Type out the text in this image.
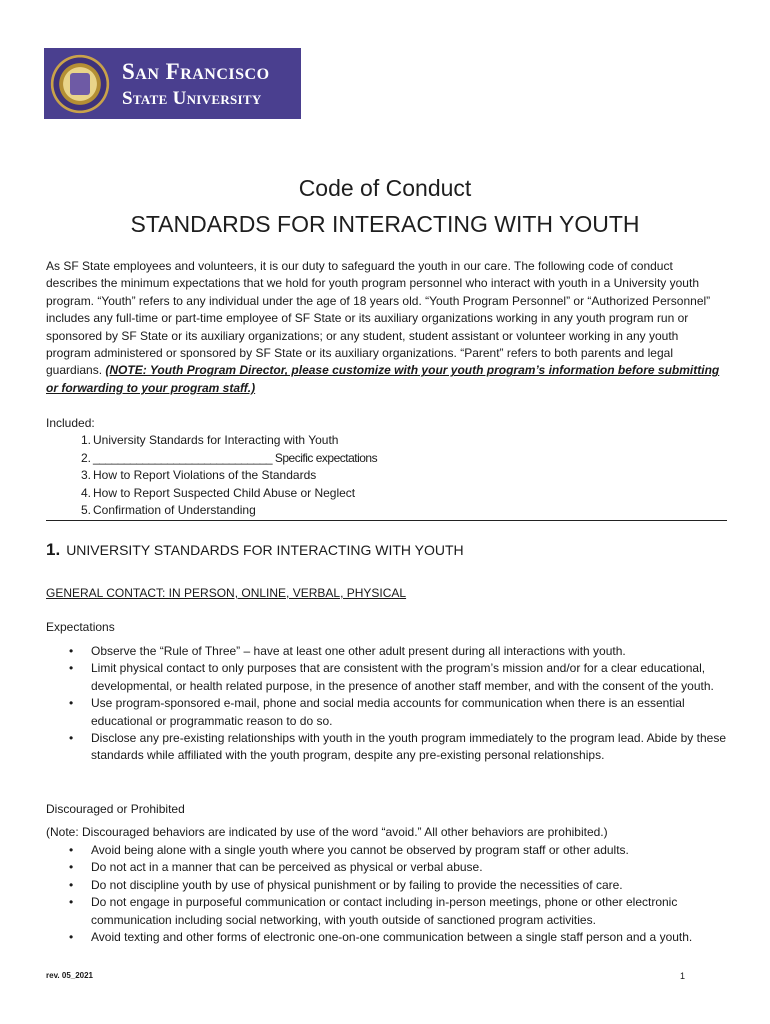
San Francisco
State University
Code of Conduct
STANDARDS FOR INTERACTING WITH YOUTH

As SF State employees and volunteers, it is our duty to safeguard the youth in our care. The following code of conduct describes the minimum expectations that we hold for youth program personnel who interact with youth in a University youth program. “Youth” refers to any individual under the age of 18 years old. “Youth Program Personnel” or “Authorized Personnel” includes any full-time or part-time employee of SF State or its auxiliary organizations working in any youth program run or sponsored by SF State or its auxiliary organizations; or any student, student assistant or volunteer working in any youth program administered or sponsored by SF State or its auxiliary organizations. “Parent” refers to both parents and legal guardians. (NOTE: Youth Program Director, please customize with your youth program’s information before submitting or forwarding to your program staff.)

Included:
1. University Standards for Interacting with Youth
2. _____________________________ Specific expectations
3. How to Report Violations of the Standards
4. How to Report Suspected Child Abuse or Neglect
5. Confirmation of Understanding
1. UNIVERSITY STANDARDS FOR INTERACTING WITH YOUTH
GENERAL CONTACT: IN PERSON, ONLINE, VERBAL, PHYSICAL
Expectations
• Observe the “Rule of Three” – have at least one other adult present during all interactions with youth.
• Limit physical contact to only purposes that are consistent with the program’s mission and/or for a clear educational, developmental, or health related purpose, in the presence of another staff member, and with the consent of the youth.
• Use program-sponsored e-mail, phone and social media accounts for communication when there is an essential educational or programmatic reason to do so.
• Disclose any pre-existing relationships with youth in the youth program immediately to the program lead. Abide by these standards while affiliated with the youth program, despite any pre-existing personal relationships.
Discouraged or Prohibited
(Note: Discouraged behaviors are indicated by use of the word “avoid.” All other behaviors are prohibited.)
• Avoid being alone with a single youth where you cannot be observed by program staff or other adults.
• Do not act in a manner that can be perceived as physical or verbal abuse.
• Do not discipline youth by use of physical punishment or by failing to provide the necessities of care.
• Do not engage in purposeful communication or contact including in-person meetings, phone or other electronic communication including social networking, with youth outside of sanctioned program activities.
• Avoid texting and other forms of electronic one-on-one communication between a single staff person and a youth.
rev. 05_2021	1
